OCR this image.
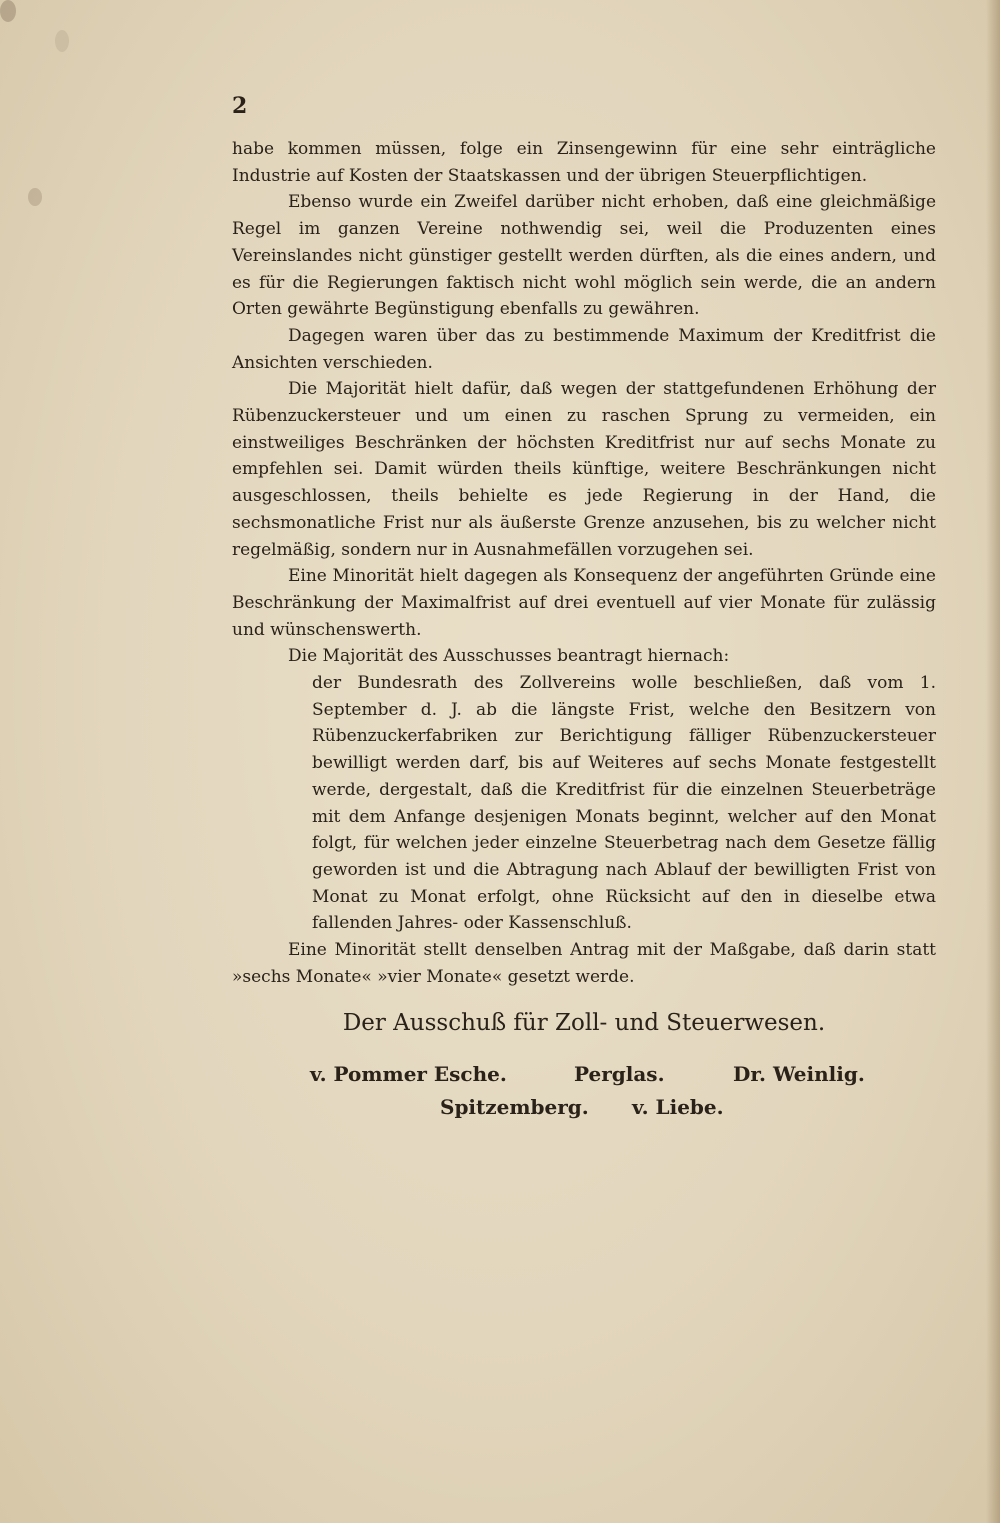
2

habe kommen müssen, folge ein Zinsengewinn für eine sehr einträgliche Industrie auf Kosten der Staatskassen und der übrigen Steuerpflichtigen.

Ebenso wurde ein Zweifel darüber nicht erhoben, daß eine gleichmäßige Regel im ganzen Vereine nothwendig sei, weil die Produzenten eines Vereinslandes nicht günstiger gestellt werden dürften, als die eines andern, und es für die Regierungen faktisch nicht wohl möglich sein werde, die an andern Orten gewährte Begünstigung ebenfalls zu gewähren.

Dagegen waren über das zu bestimmende Maximum der Kreditfrist die Ansichten verschieden.

Die Majorität hielt dafür, daß wegen der stattgefundenen Erhöhung der Rübenzuckersteuer und um einen zu raschen Sprung zu vermeiden, ein einstweiliges Beschränken der höchsten Kreditfrist nur auf sechs Monate zu empfehlen sei. Damit würden theils künftige, weitere Beschränkungen nicht ausgeschlossen, theils behielte es jede Regierung in der Hand, die sechsmonatliche Frist nur als äußerste Grenze anzusehen, bis zu welcher nicht regelmäßig, sondern nur in Ausnahmefällen vorzugehen sei.

Eine Minorität hielt dagegen als Konsequenz der angeführten Gründe eine Beschränkung der Maximalfrist auf drei eventuell auf vier Monate für zulässig und wünschenswerth.

Die Majorität des Ausschusses beantragt hiernach:

der Bundesrath des Zollvereins wolle beschließen, daß vom 1. September d. J. ab die längste Frist, welche den Besitzern von Rübenzuckerfabriken zur Berichtigung fälliger Rübenzuckersteuer bewilligt werden darf, bis auf Weiteres auf sechs Monate festgestellt werde, dergestalt, daß die Kreditfrist für die einzelnen Steuerbeträge mit dem Anfange desjenigen Monats beginnt, welcher auf den Monat folgt, für welchen jeder einzelne Steuerbetrag nach dem Gesetze fällig geworden ist und die Abtragung nach Ablauf der bewilligten Frist von Monat zu Monat erfolgt, ohne Rücksicht auf den in dieselbe etwa fallenden Jahres- oder Kassenschluß.

Eine Minorität stellt denselben Antrag mit der Maßgabe, daß darin statt »sechs Monate« »vier Monate« gesetzt werde.

Der Ausschuß für Zoll- und Steuerwesen.
v. Pommer Esche.	Perglas.	Dr. Weinlig.
Spitzemberg. v. Liebe.
